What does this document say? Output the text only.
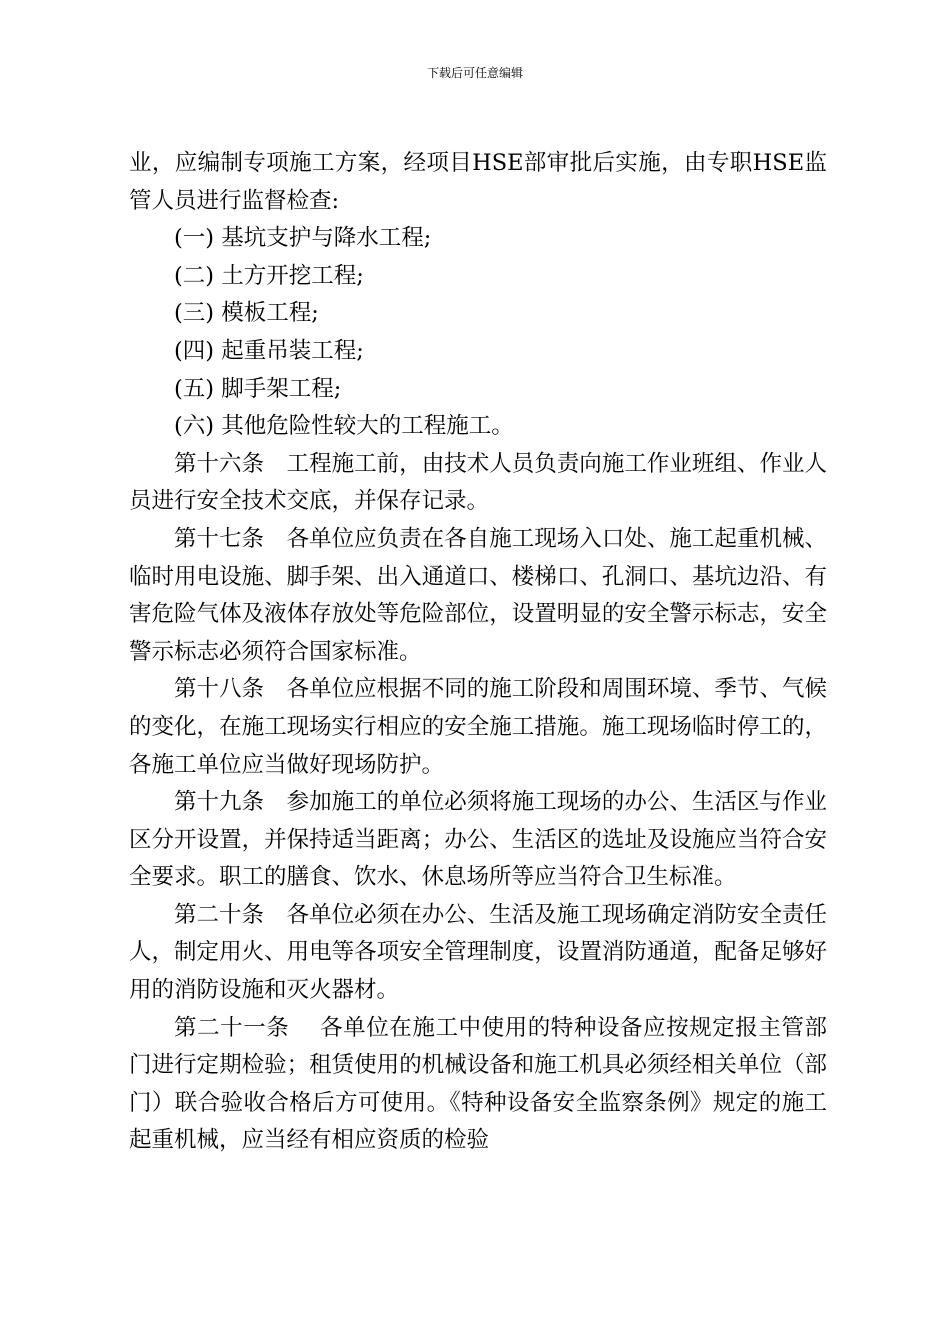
下载后可任意编辑

业，应编制专项施工方案，经项目HSE部审批后实施，由专职HSE监管人员进行监督检查:

(一) 基坑支护与降水工程;

(二) 土方开挖工程;

(三) 模板工程;

(四) 起重吊装工程;

(五) 脚手架工程;

(六) 其他危险性较大的工程施工。

第十六条　工程施工前，由技术人员负责向施工作业班组、作业人员进行安全技术交底，并保存记录。

第十七条　各单位应负责在各自施工现场入口处、施工起重机械、临时用电设施、脚手架、出入通道口、楼梯口、孔洞口、基坑边沿、有害危险气体及液体存放处等危险部位，设置明显的安全警示标志，安全警示标志必须符合国家标准。

第十八条　各单位应根据不同的施工阶段和周围环境、季节、气候的变化，在施工现场实行相应的安全施工措施。施工现场临时停工的，各施工单位应当做好现场防护。

第十九条　参加施工的单位必须将施工现场的办公、生活区与作业区分开设置，并保持适当距离；办公、生活区的选址及设施应当符合安全要求。职工的膳食、饮水、休息场所等应当符合卫生标准。

第二十条　各单位必须在办公、生活及施工现场确定消防安全责任人，制定用火、用电等各项安全管理制度，设置消防通道，配备足够好用的消防设施和灭火器材。

第二十一条　 各单位在施工中使用的特种设备应按规定报主管部门进行定期检验；租赁使用的机械设备和施工机具必须经相关单位（部门）联合验收合格后方可使用。《特种设备安全监察条例》规定的施工起重机械，应当经有相应资质的检验
